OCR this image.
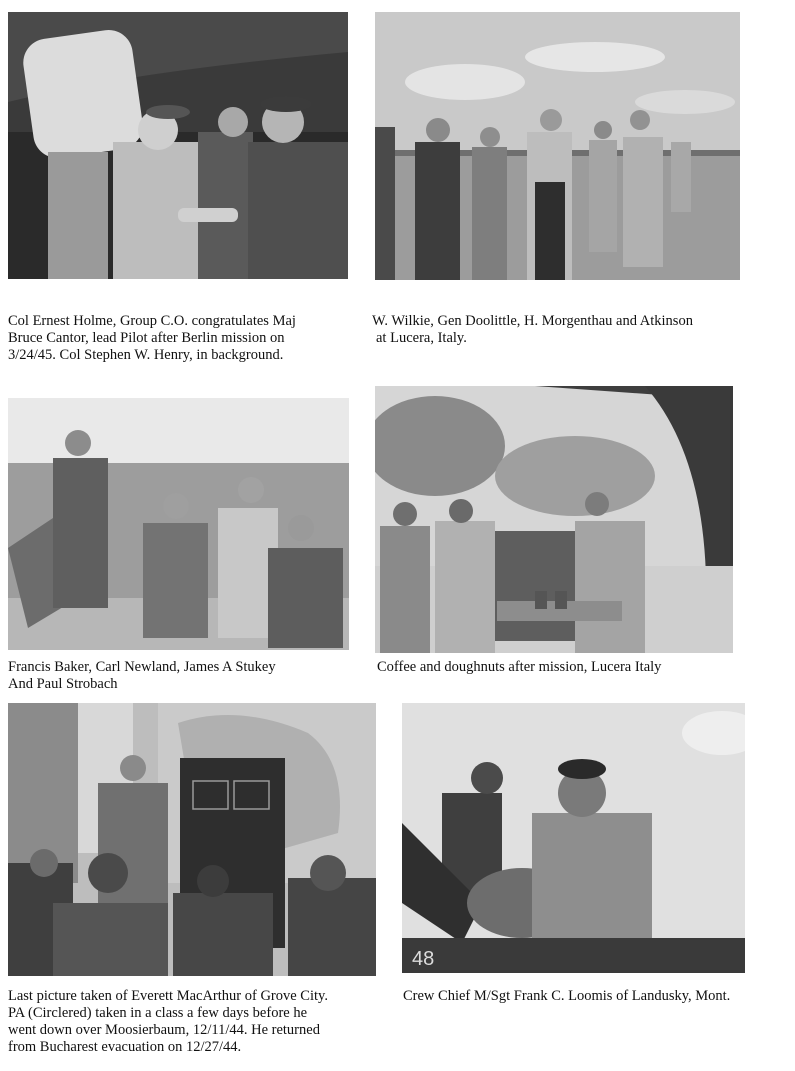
Col Ernest Holme, Group C.O. congratulates Maj
Bruce Cantor, lead Pilot after Berlin mission on
3/24/45. Col Stephen W. Henry, in background.
W. Wilkie, Gen Doolittle, H. Morgenthau and Atkinson
at Lucera, Italy.
Francis Baker, Carl Newland, James A Stukey
And Paul Strobach
Coffee and doughnuts after mission, Lucera Italy
Last picture taken of Everett MacArthur of Grove City.
PA (Circlered) taken in a class a few days before he
went down over Moosierbaum, 12/11/44. He returned
from Bucharest evacuation on 12/27/44.
48
Crew Chief M/Sgt Frank C. Loomis of Landusky, Mont.
